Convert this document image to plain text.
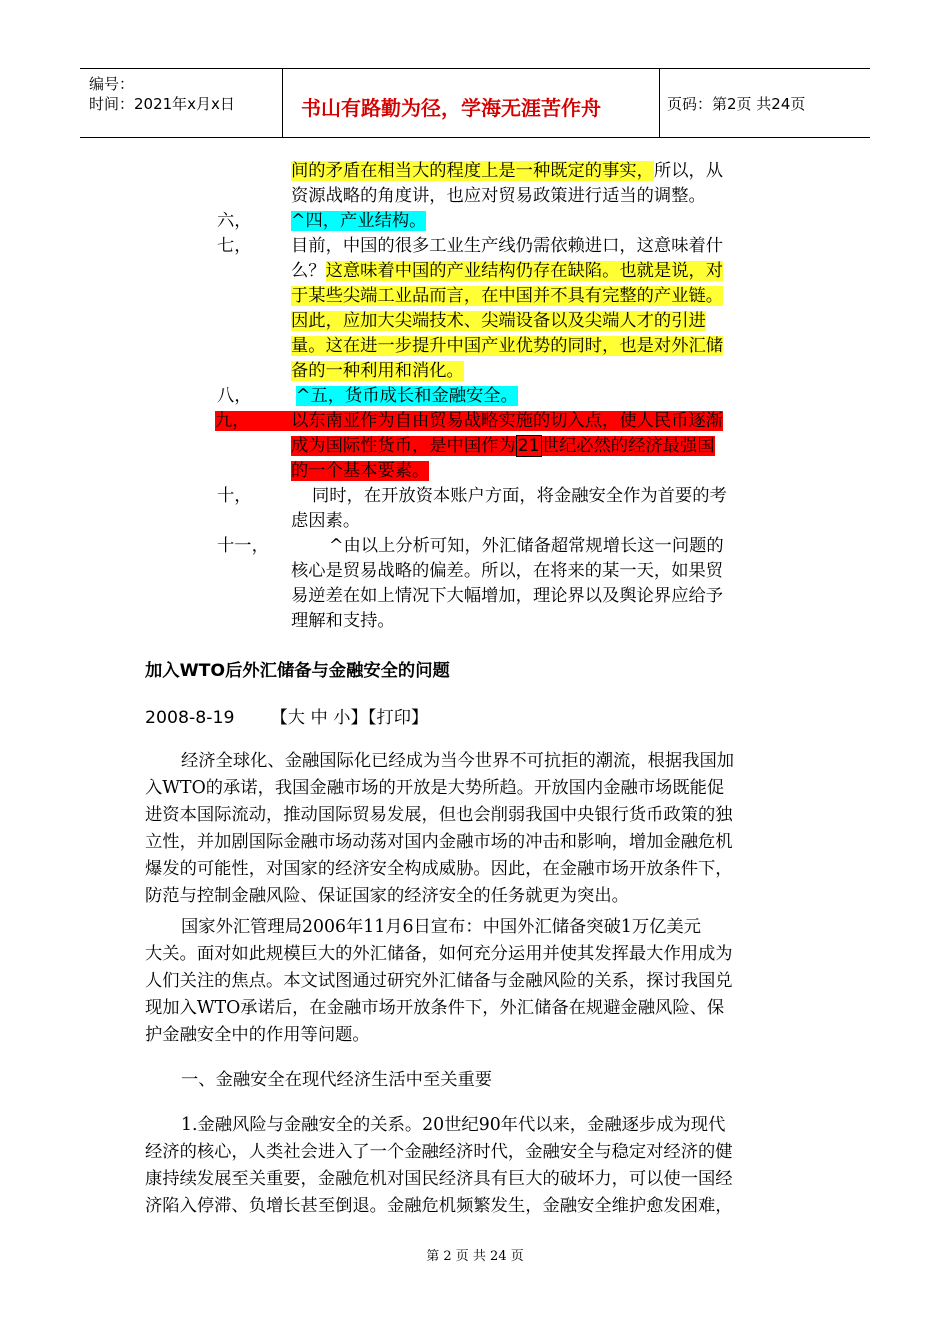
编号：
时间：2021年x月x日	书山有路勤为径，学海无涯苦作舟	页码：第2页 共24页
间的矛盾在相当大的程度上是一种既定的事实，所以，从
资源战略的角度讲，也应对贸易政策进行适当的调整。
六， ^四，产业结构。
七， 目前，中国的很多工业生产线仍需依赖进口，这意味着什
么？这意味着中国的产业结构仍存在缺陷。也就是说，对
于某些尖端工业品而言，在中国并不具有完整的产业链。
因此，应加大尖端技术、尖端设备以及尖端人才的引进
量。这在进一步提升中国产业优势的同时，也是对外汇储
备的一种利用和消化。
八，	^五，货币成长和金融安全。
九，	以东南亚作为自由贸易战略实施的切入点，使人民币逐渐
成为国际性货币，是中国作为 21 世纪必然的经济最强国
的一个基本要素。
十，	同时，在开放资本账户方面，将金融安全作为首要的考
虑因素。
十一，	^由以上分析可知，外汇储备超常规增长这一问题的
核心是贸易战略的偏差。所以，在将来的某一天，如果贸
易逆差在如上情况下大幅增加，理论界以及舆论界应给予
理解和支持。
加入WTO后外汇储备与金融安全的问题
2008-8-19 【大 中 小】【打印】
经济全球化、金融国际化已经成为当今世界不可抗拒的潮流，根据我国加
入WTO的承诺，我国金融市场的开放是大势所趋。开放国内金融市场既能促
进资本国际流动，推动国际贸易发展，但也会削弱我国中央银行货币政策的独
立性，并加剧国际金融市场动荡对国内金融市场的冲击和影响，增加金融危机
爆发的可能性，对国家的经济安全构成威胁。因此，在金融市场开放条件下，
防范与控制金融风险、保证国家的经济安全的任务就更为突出。
国家外汇管理局2006年11月6日宣布：中国外汇储备突破1万亿美元
大关。面对如此规模巨大的外汇储备，如何充分运用并使其发挥最大作用成为
人们关注的焦点。本文试图通过研究外汇储备与金融风险的关系，探讨我国兑
现加入WTO承诺后，在金融市场开放条件下，外汇储备在规避金融风险、保
护金融安全中的作用等问题。
一、金融安全在现代经济生活中至关重要
1.金融风险与金融安全的关系。20世纪90年代以来，金融逐步成为现代
经济的核心，人类社会进入了一个金融经济时代，金融安全与稳定对经济的健
康持续发展至关重要，金融危机对国民经济具有巨大的破坏力，可以使一国经
济陷入停滞、负增长甚至倒退。金融危机频繁发生，金融安全维护愈发困难，
第 2 页 共 24 页
